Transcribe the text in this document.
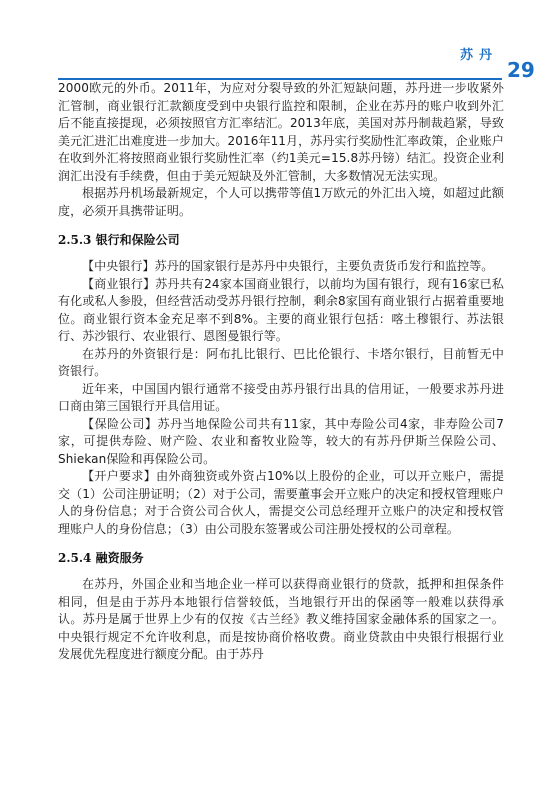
苏丹
29

2000欧元的外币。2011年，为应对分裂导致的外汇短缺问题，苏丹进一步收紧外汇管制，商业银行汇款额度受到中央银行监控和限制，企业在苏丹的账户收到外汇后不能直接提现，必须按照官方汇率结汇。2013年底，美国对苏丹制裁趋紧，导致美元汇进汇出难度进一步加大。2016年11月，苏丹实行奖励性汇率政策，企业账户在收到外汇将按照商业银行奖励性汇率（约1美元=15.8苏丹镑）结汇。投资企业利润汇出没有手续费，但由于美元短缺及外汇管制，大多数情况无法实现。

根据苏丹机场最新规定，个人可以携带等值1万欧元的外汇出入境，如超过此额度，必须开具携带证明。

2.5.3 银行和保险公司

【中央银行】苏丹的国家银行是苏丹中央银行，主要负责货币发行和监控等。

【商业银行】苏丹共有24家本国商业银行，以前均为国有银行，现有16家已私有化或私人参股，但经营活动受苏丹银行控制，剩余8家国有商业银行占据着重要地位。商业银行资本金充足率不到8%。主要的商业银行包括：喀土穆银行、苏法银行、苏沙银行、农业银行、恩图曼银行等。

在苏丹的外资银行是：阿布扎比银行、巴比伦银行、卡塔尔银行，目前暂无中资银行。

近年来，中国国内银行通常不接受由苏丹银行出具的信用证，一般要求苏丹进口商由第三国银行开具信用证。

【保险公司】苏丹当地保险公司共有11家，其中寿险公司4家，非寿险公司7家，可提供寿险、财产险、农业和畜牧业险等，较大的有苏丹伊斯兰保险公司、Shiekan保险和再保险公司。

【开户要求】由外商独资或外资占10%以上股份的企业，可以开立账户，需提交（1）公司注册证明；（2）对于公司，需要董事会开立账户的决定和授权管理账户人的身份信息；对于合资公司合伙人，需提交公司总经理开立账户的决定和授权管理账户人的身份信息；（3）由公司股东签署或公司注册处授权的公司章程。

2.5.4 融资服务

在苏丹，外国企业和当地企业一样可以获得商业银行的贷款，抵押和担保条件相同，但是由于苏丹本地银行信誉较低，当地银行开出的保函等一般难以获得承认。苏丹是属于世界上少有的仅按《古兰经》教义维持国家金融体系的国家之一。中央银行规定不允许收利息，而是按协商价格收费。商业贷款由中央银行根据行业发展优先程度进行额度分配。由于苏丹
